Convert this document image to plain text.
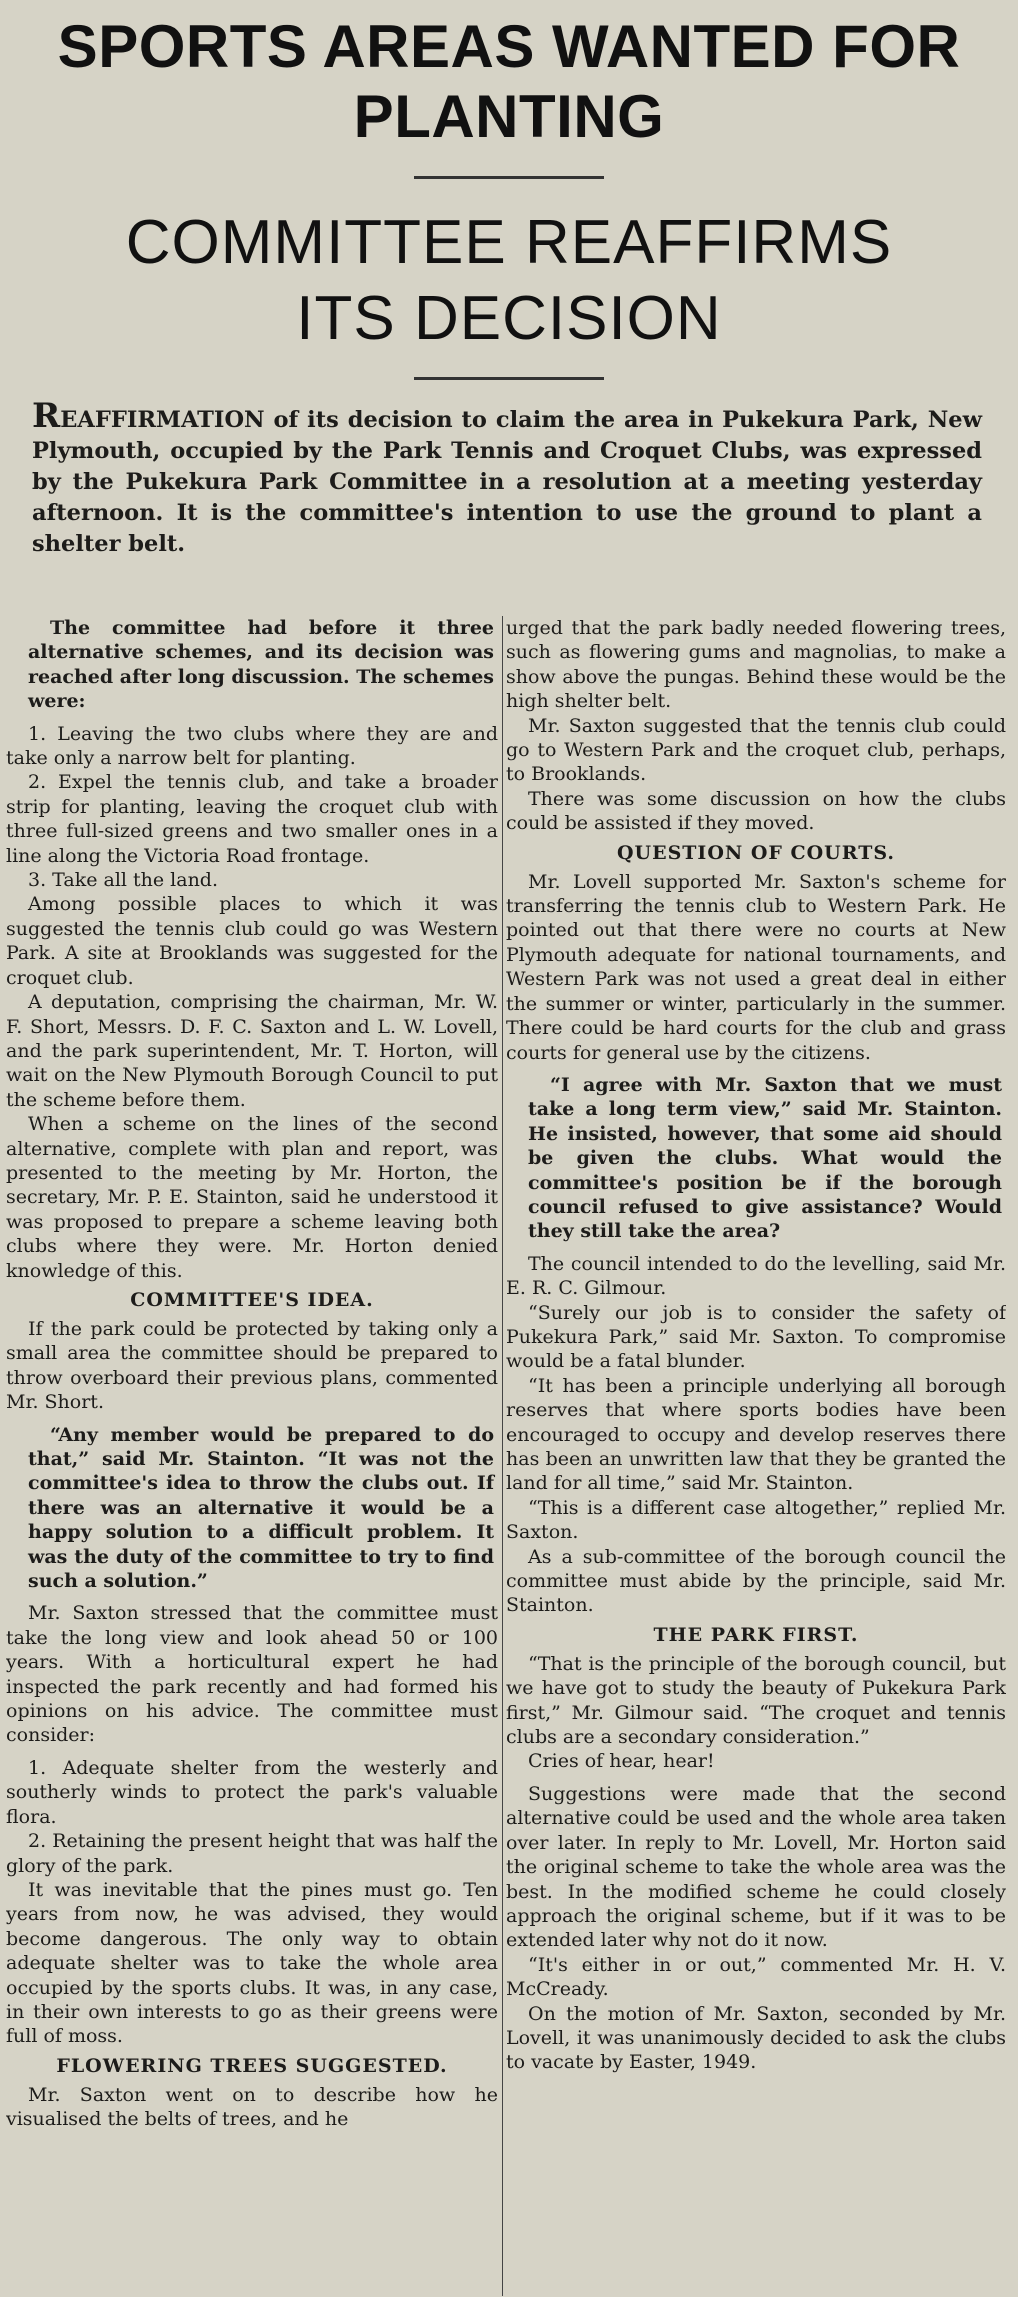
SPORTS AREAS WANTED FOR
PLANTING
COMMITTEE REAFFIRMS
ITS DECISION

REAFFIRMATION of its decision to claim the area in Pukekura Park, New Plymouth, occupied by the Park Tennis and Croquet Clubs, was expressed by the Pukekura Park Committee in a resolution at a meeting yesterday afternoon. It is the committee's intention to use the ground to plant a shelter belt.

The committee had before it three alternative schemes, and its decision was reached after long discussion. The schemes were:

1. Leaving the two clubs where they are and take only a narrow belt for planting.

2. Expel the tennis club, and take a broader strip for planting, leaving the croquet club with three full-sized greens and two smaller ones in a line along the Victoria Road frontage.

3. Take all the land.

Among possible places to which it was suggested the tennis club could go was Western Park. A site at Brooklands was suggested for the croquet club.

A deputation, comprising the chairman, Mr. W. F. Short, Messrs. D. F. C. Saxton and L. W. Lovell, and the park superintendent, Mr. T. Horton, will wait on the New Plymouth Borough Council to put the scheme before them.

When a scheme on the lines of the second alternative, complete with plan and report, was presented to the meeting by Mr. Horton, the secretary, Mr. P. E. Stainton, said he understood it was proposed to prepare a scheme leaving both clubs where they were. Mr. Horton denied knowledge of this.

COMMITTEE'S IDEA.

If the park could be protected by taking only a small area the committee should be prepared to throw overboard their previous plans, commented Mr. Short.

“Any member would be prepared to do that,” said Mr. Stainton. “It was not the committee's idea to throw the clubs out. If there was an alternative it would be a happy solution to a difficult problem. It was the duty of the committee to try to find such a solution.”

Mr. Saxton stressed that the committee must take the long view and look ahead 50 or 100 years. With a horticultural expert he had inspected the park recently and had formed his opinions on his advice. The committee must consider:

1. Adequate shelter from the westerly and southerly winds to protect the park's valuable flora.

2. Retaining the present height that was half the glory of the park.

It was inevitable that the pines must go. Ten years from now, he was advised, they would become dangerous. The only way to obtain adequate shelter was to take the whole area occupied by the sports clubs. It was, in any case, in their own interests to go as their greens were full of moss.

FLOWERING TREES SUGGESTED.

Mr. Saxton went on to describe how he visualised the belts of trees, and he

urged that the park badly needed flowering trees, such as flowering gums and magnolias, to make a show above the pungas. Behind these would be the high shelter belt.

Mr. Saxton suggested that the tennis club could go to Western Park and the croquet club, perhaps, to Brooklands.

There was some discussion on how the clubs could be assisted if they moved.

QUESTION OF COURTS.

Mr. Lovell supported Mr. Saxton's scheme for transferring the tennis club to Western Park. He pointed out that there were no courts at New Plymouth adequate for national tournaments, and Western Park was not used a great deal in either the summer or winter, particularly in the summer. There could be hard courts for the club and grass courts for general use by the citizens.

“I agree with Mr. Saxton that we must take a long term view,” said Mr. Stainton. He insisted, however, that some aid should be given the clubs. What would the committee's position be if the borough council refused to give assistance? Would they still take the area?

The council intended to do the levelling, said Mr. E. R. C. Gilmour.

“Surely our job is to consider the safety of Pukekura Park,” said Mr. Saxton. To compromise would be a fatal blunder.

“It has been a principle underlying all borough reserves that where sports bodies have been encouraged to occupy and develop reserves there has been an unwritten law that they be granted the land for all time,” said Mr. Stainton.

“This is a different case altogether,” replied Mr. Saxton.

As a sub-committee of the borough council the committee must abide by the principle, said Mr. Stainton.

THE PARK FIRST.

“That is the principle of the borough council, but we have got to study the beauty of Pukekura Park first,” Mr. Gilmour said. “The croquet and tennis clubs are a secondary consideration.”

Cries of hear, hear!

Suggestions were made that the second alternative could be used and the whole area taken over later. In reply to Mr. Lovell, Mr. Horton said the original scheme to take the whole area was the best. In the modified scheme he could closely approach the original scheme, but if it was to be extended later why not do it now.

“It's either in or out,” commented Mr. H. V. McCready.

On the motion of Mr. Saxton, seconded by Mr. Lovell, it was unanimously decided to ask the clubs to vacate by Easter, 1949.
